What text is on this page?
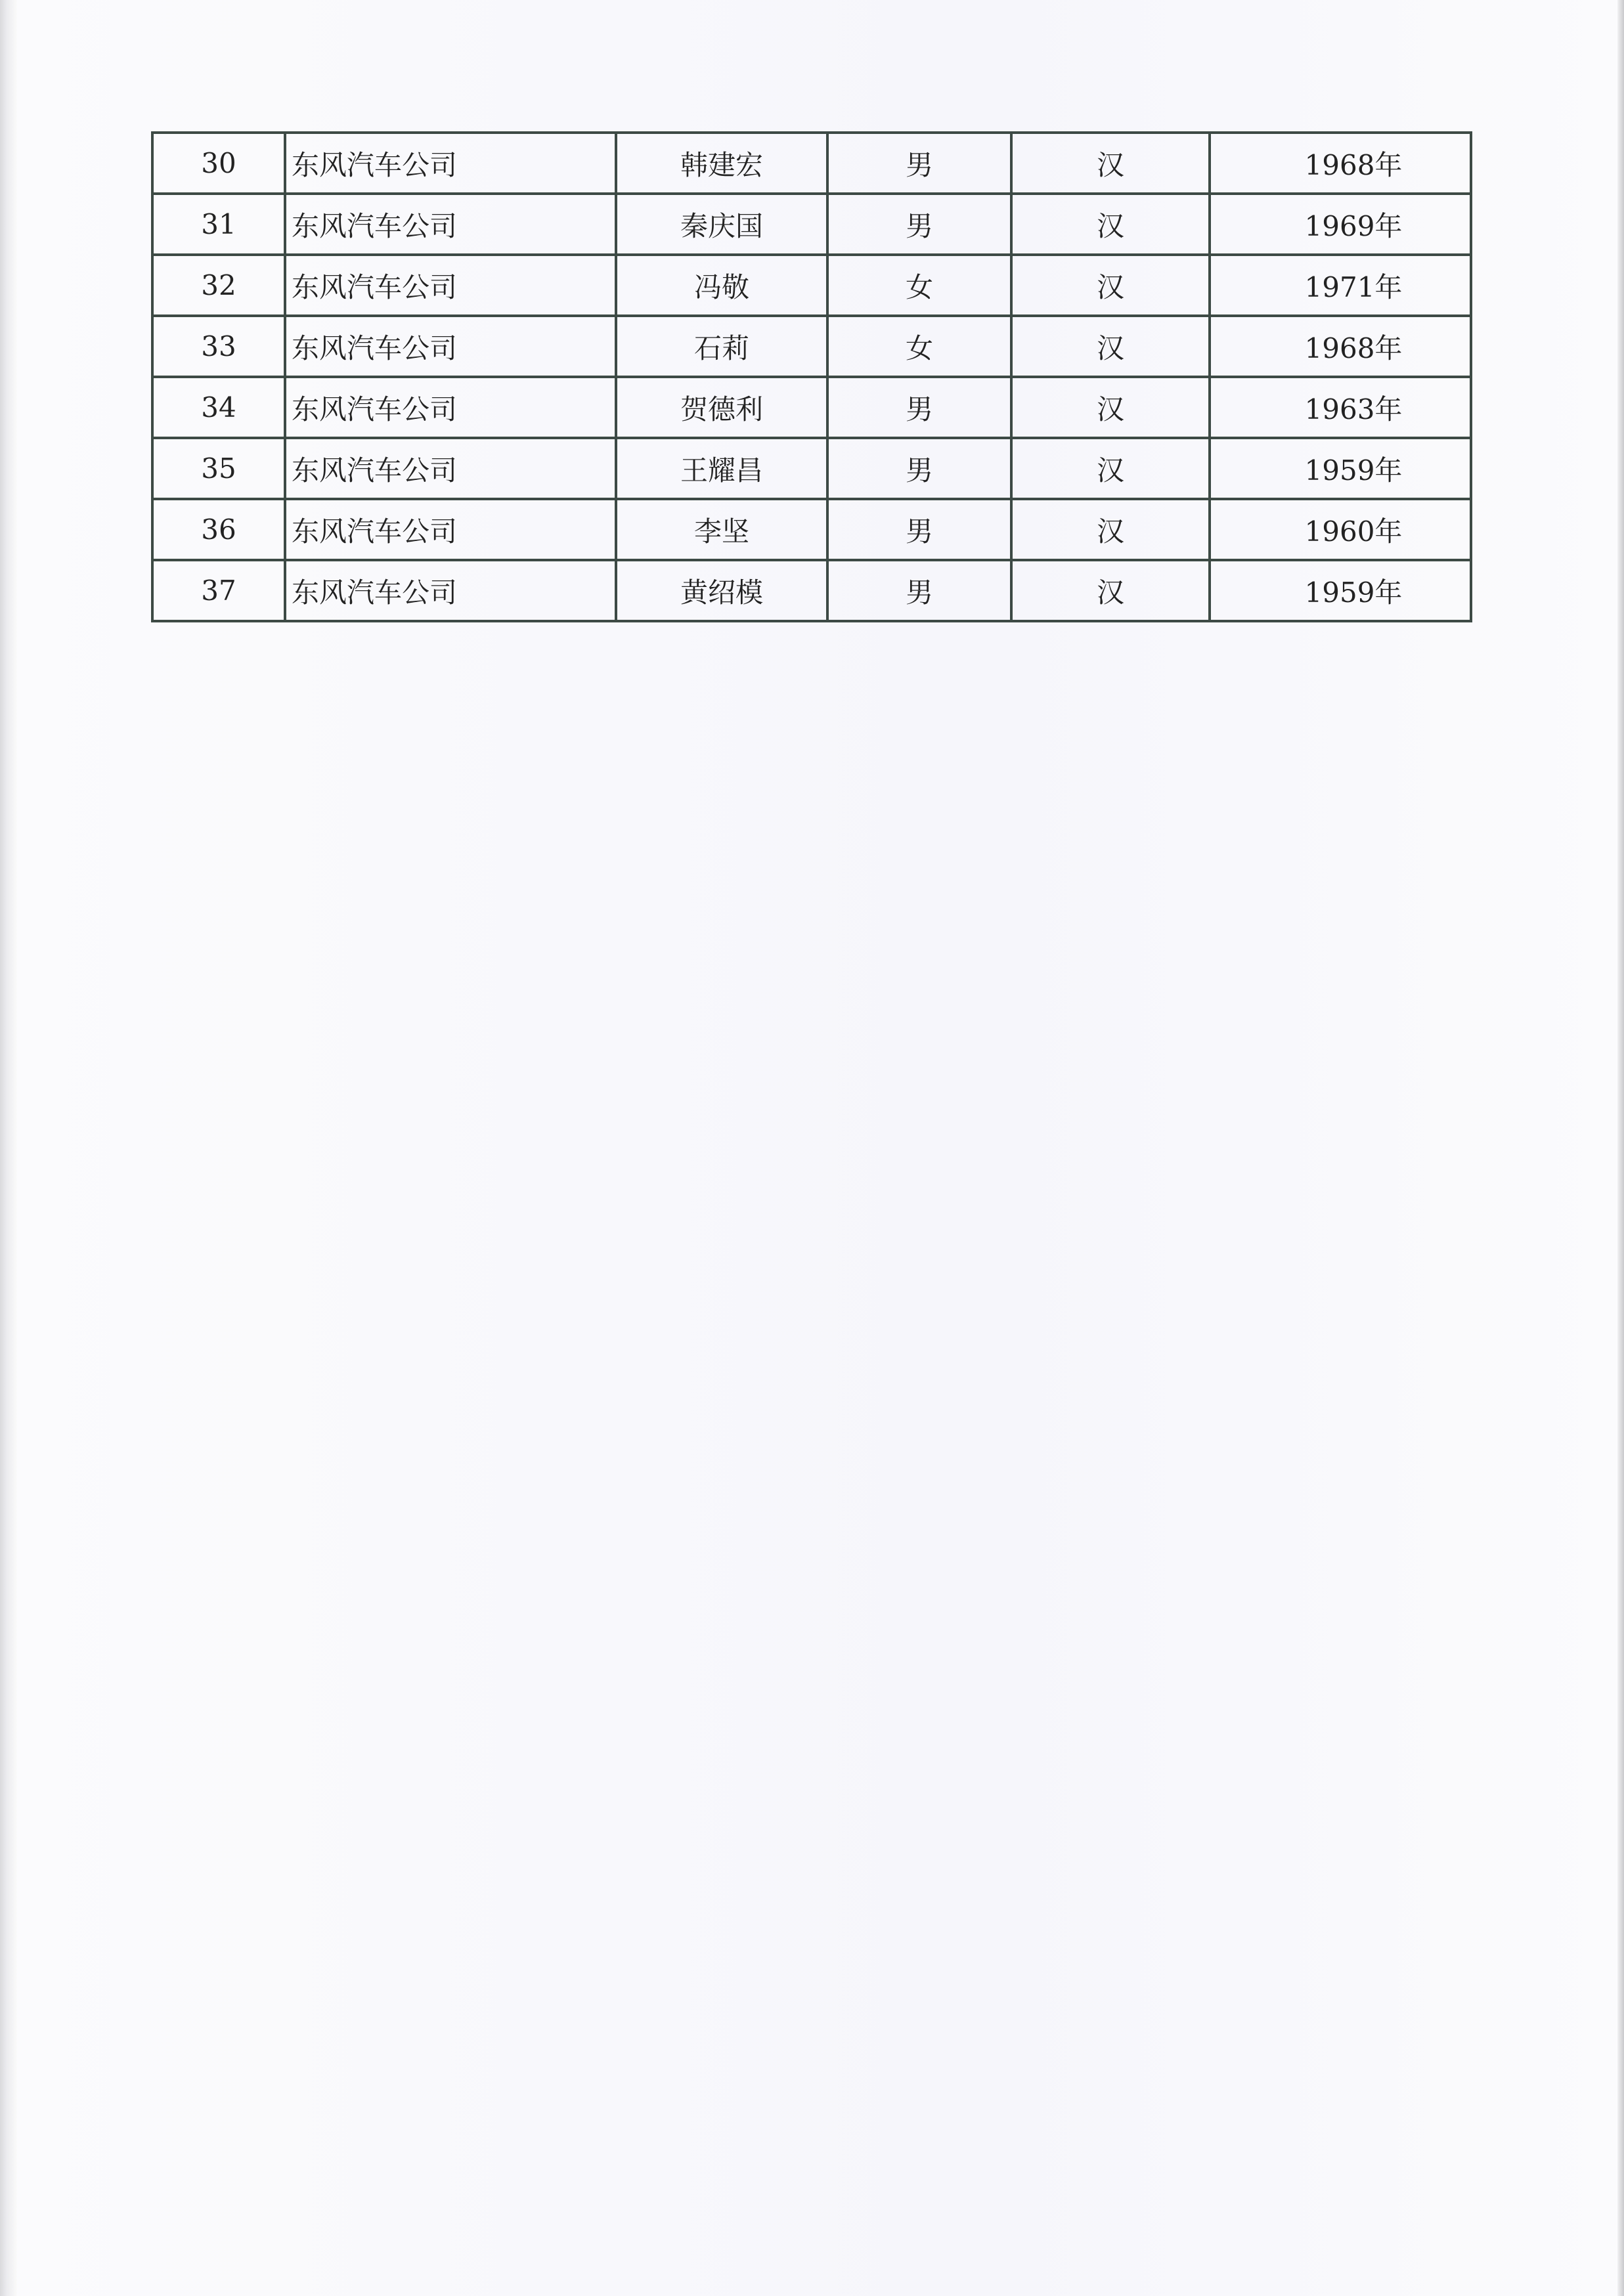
30	东风汽车公司	韩建宏	男	汉	1968年
31	东风汽车公司	秦庆国	男	汉	1969年
32	东风汽车公司	冯敬	女	汉	1971年
33	东风汽车公司	石莉	女	汉	1968年
34	东风汽车公司	贺德利	男	汉	1963年
35	东风汽车公司	王耀昌	男	汉	1959年
36	东风汽车公司	李坚	男	汉	1960年
37	东风汽车公司	黄绍模	男	汉	1959年
